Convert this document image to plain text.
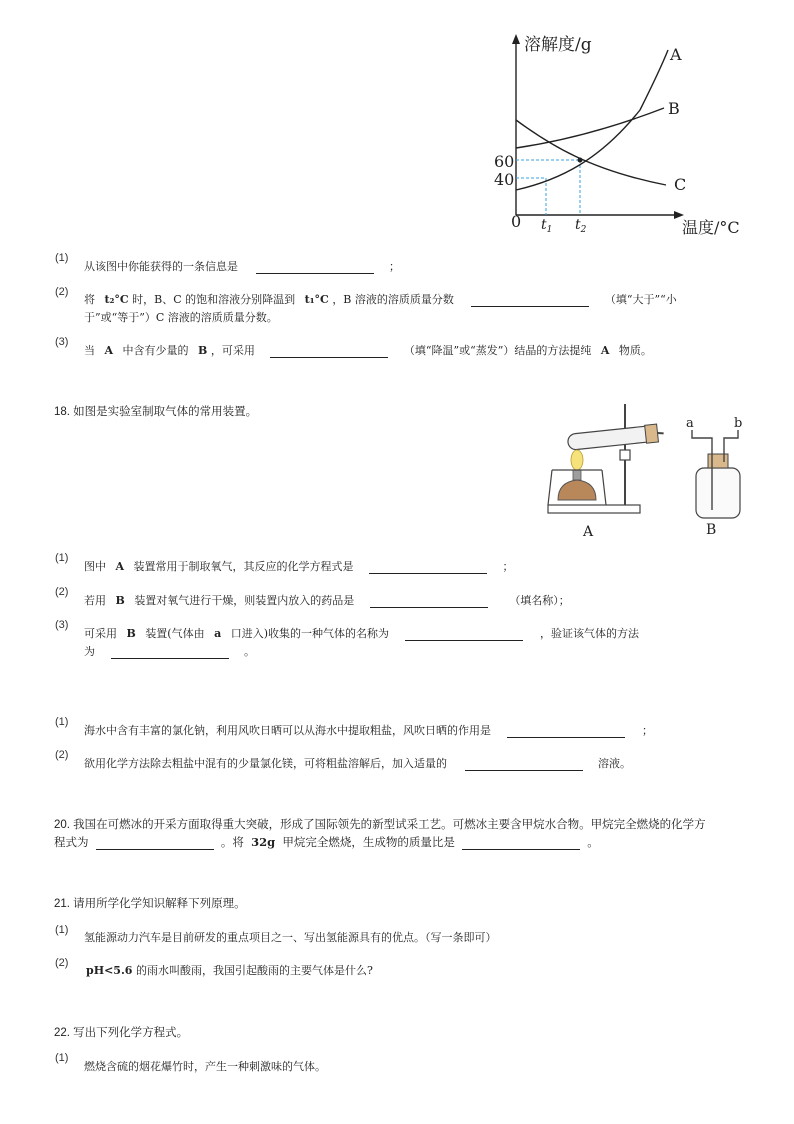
溶解度/g
温度/°C
0
60
40
$t_1$ $t_2$
A
B
C
(1)
从该图中你能获得的一条信息是	；
(2)
将 t₂°C 时，B、C 的饱和溶液分别降温到 t₁°C ，B 溶液的溶质质量分数	（填“大于”“小
于”或“等于”）C 溶液的溶质质量分数。
(3)
当 A 中含有少量的 B ，可采用	（填“降温”或“蒸发”）结晶的方法提纯 A 物质。
18. 如图是实验室制取气体的常用装置。
a	b
A	B
(1)
图中 A 装置常用于制取氧气，其反应的化学方程式是	；
(2)
若用 B 装置对氧气进行干燥，则装置内放入的药品是	（填名称）；
(3)
可采用 B 装置(气体由 a 口进入)收集的一种气体的名称为	，验证该气体的方法
为	。
(1)
海水中含有丰富的氯化钠，利用风吹日晒可以从海水中提取粗盐，风吹日晒的作用是	；
(2)
欲用化学方法除去粗盐中混有的少量氯化镁，可将粗盐溶解后，加入适量的	溶液。
20. 我国在可燃冰的开采方面取得重大突破，形成了国际领先的新型试采工艺。可燃冰主要含甲烷水合物。甲烷完全燃烧的化学方
程式为	。将 32g 甲烷完全燃烧，生成物的质量比是	。
21. 请用所学化学知识解释下列原理。
(1)
氢能源动力汽车是目前研发的重点项目之一、写出氢能源具有的优点。（写一条即可）
(2)
pH<5.6 的雨水叫酸雨，我国引起酸雨的主要气体是什么?
22. 写出下列化学方程式。
(1)
燃烧含硫的烟花爆竹时，产生一种刺激味的气体。
